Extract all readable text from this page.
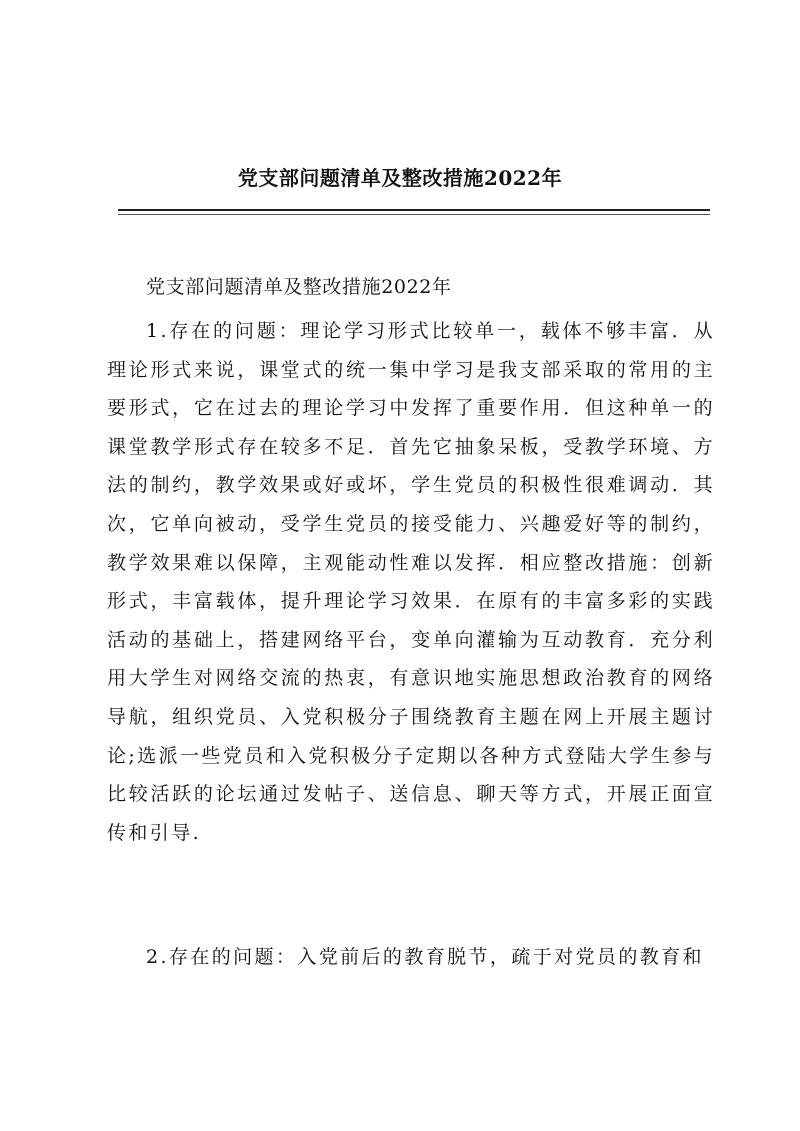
党支部问题清单及整改措施2022年
党支部问题清单及整改措施2022年

1.存在的问题：理论学习形式比较单一，载体不够丰富．从理论形式来说，课堂式的统一集中学习是我支部采取的常用的主要形式，它在过去的理论学习中发挥了重要作用．但这种单一的课堂教学形式存在较多不足．首先它抽象呆板，受教学环境、方法的制约，教学效果或好或坏，学生党员的积极性很难调动．其次，它单向被动，受学生党员的接受能力、兴趣爱好等的制约，教学效果难以保障，主观能动性难以发挥．相应整改措施：创新形式，丰富载体，提升理论学习效果．在原有的丰富多彩的实践活动的基础上，搭建网络平台，变单向灌输为互动教育．充分利用大学生对网络交流的热衷，有意识地实施思想政治教育的网络导航，组织党员、入党积极分子围绕教育主题在网上开展主题讨论;选派一些党员和入党积极分子定期以各种方式登陆大学生参与比较活跃的论坛通过发帖子、送信息、聊天等方式，开展正面宣传和引导.

2.存在的问题：入党前后的教育脱节，疏于对党员的教育和
